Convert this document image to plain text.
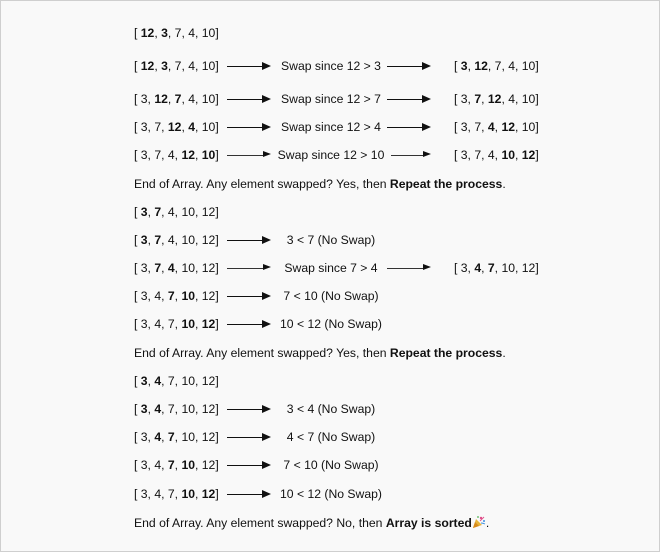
[ 12, 3, 7, 4, 10]
[ 12, 3, 7, 4, 10]	Swap since 12 > 3	[ 3, 12, 7, 4, 10]
[ 3, 12, 7, 4, 10]	Swap since 12 > 7	[ 3, 7, 12, 4, 10]
[ 3, 7, 12, 4, 10]	Swap since 12 > 4	[ 3, 7, 4, 12, 10]
[ 3, 7, 4, 12, 10]	Swap since 12 > 10	[ 3, 7, 4, 10, 12]
End of Array. Any element swapped? Yes, then Repeat the process.
[ 3, 7, 4, 10, 12]
[ 3, 7, 4, 10, 12]	3 < 7 (No Swap)
[ 3, 7, 4, 10, 12]	Swap since 7 > 4	[ 3, 4, 7, 10, 12]
[ 3, 4, 7, 10, 12]	7 < 10 (No Swap)
[ 3, 4, 7, 10, 12]	10 < 12 (No Swap)
End of Array. Any element swapped? Yes, then Repeat the process.
[ 3, 4, 7, 10, 12]
[ 3, 4, 7, 10, 12]	3 < 4 (No Swap)
[ 3, 4, 7, 10, 12]	4 < 7 (No Swap)
[ 3, 4, 7, 10, 12]	7 < 10 (No Swap)
[ 3, 4, 7, 10, 12]	10 < 12 (No Swap)
End of Array. Any element swapped? No, then Array is sorted .
